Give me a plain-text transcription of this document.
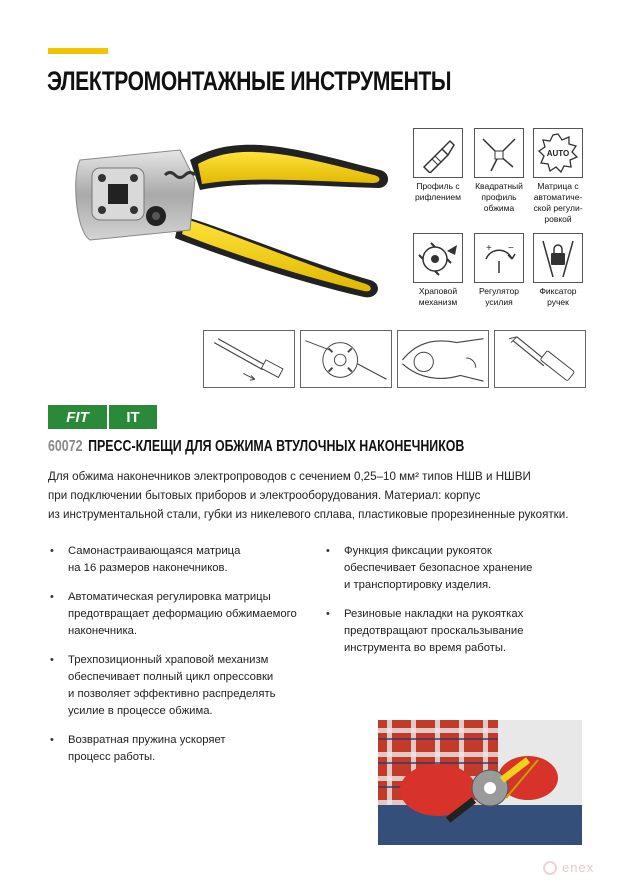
ЭЛЕКТРОМОНТАЖНЫЕ ИНСТРУМЕНТЫ
Профиль с
рифлением
Квадратный
профиль
обжима
AUTO
Матрица с
автоматиче-
ской регули-
ровкой
Храповой
механизм
+ −
Регулятор
усилия
Фиксатор
ручек
FIT	IT
60072 ПРЕСС-КЛЕЩИ ДЛЯ ОБЖИМА ВТУЛОЧНЫХ НАКОНЕЧНИКОВ

Для обжима наконечников электропроводов с сечением 0,25–10 мм² типов НШВ и НШВИ

при подключении бытовых приборов и электрооборудования. Материал: корпус

из инструментальной стали, губки из никелевого сплава, пластиковые прорезиненные рукоятки.

• Самонастраивающаяся матрица
на 16 размеров наконечников.
• Автоматическая регулировка матрицы
предотвращает деформацию обжимаемого
наконечника.
• Трехпозиционный храповой механизм
обеспечивает полный цикл опрессовки
и позволяет эффективно распределять
усилие в процессе обжима.
• Возвратная пружина ускоряет
процесс работы.
• Функция фиксации рукояток
обеспечивает безопасное хранение
и транспортировку изделия.
• Резиновые накладки на рукоятках
предотвращают проскальзывание
инструмента во время работы.
enex
